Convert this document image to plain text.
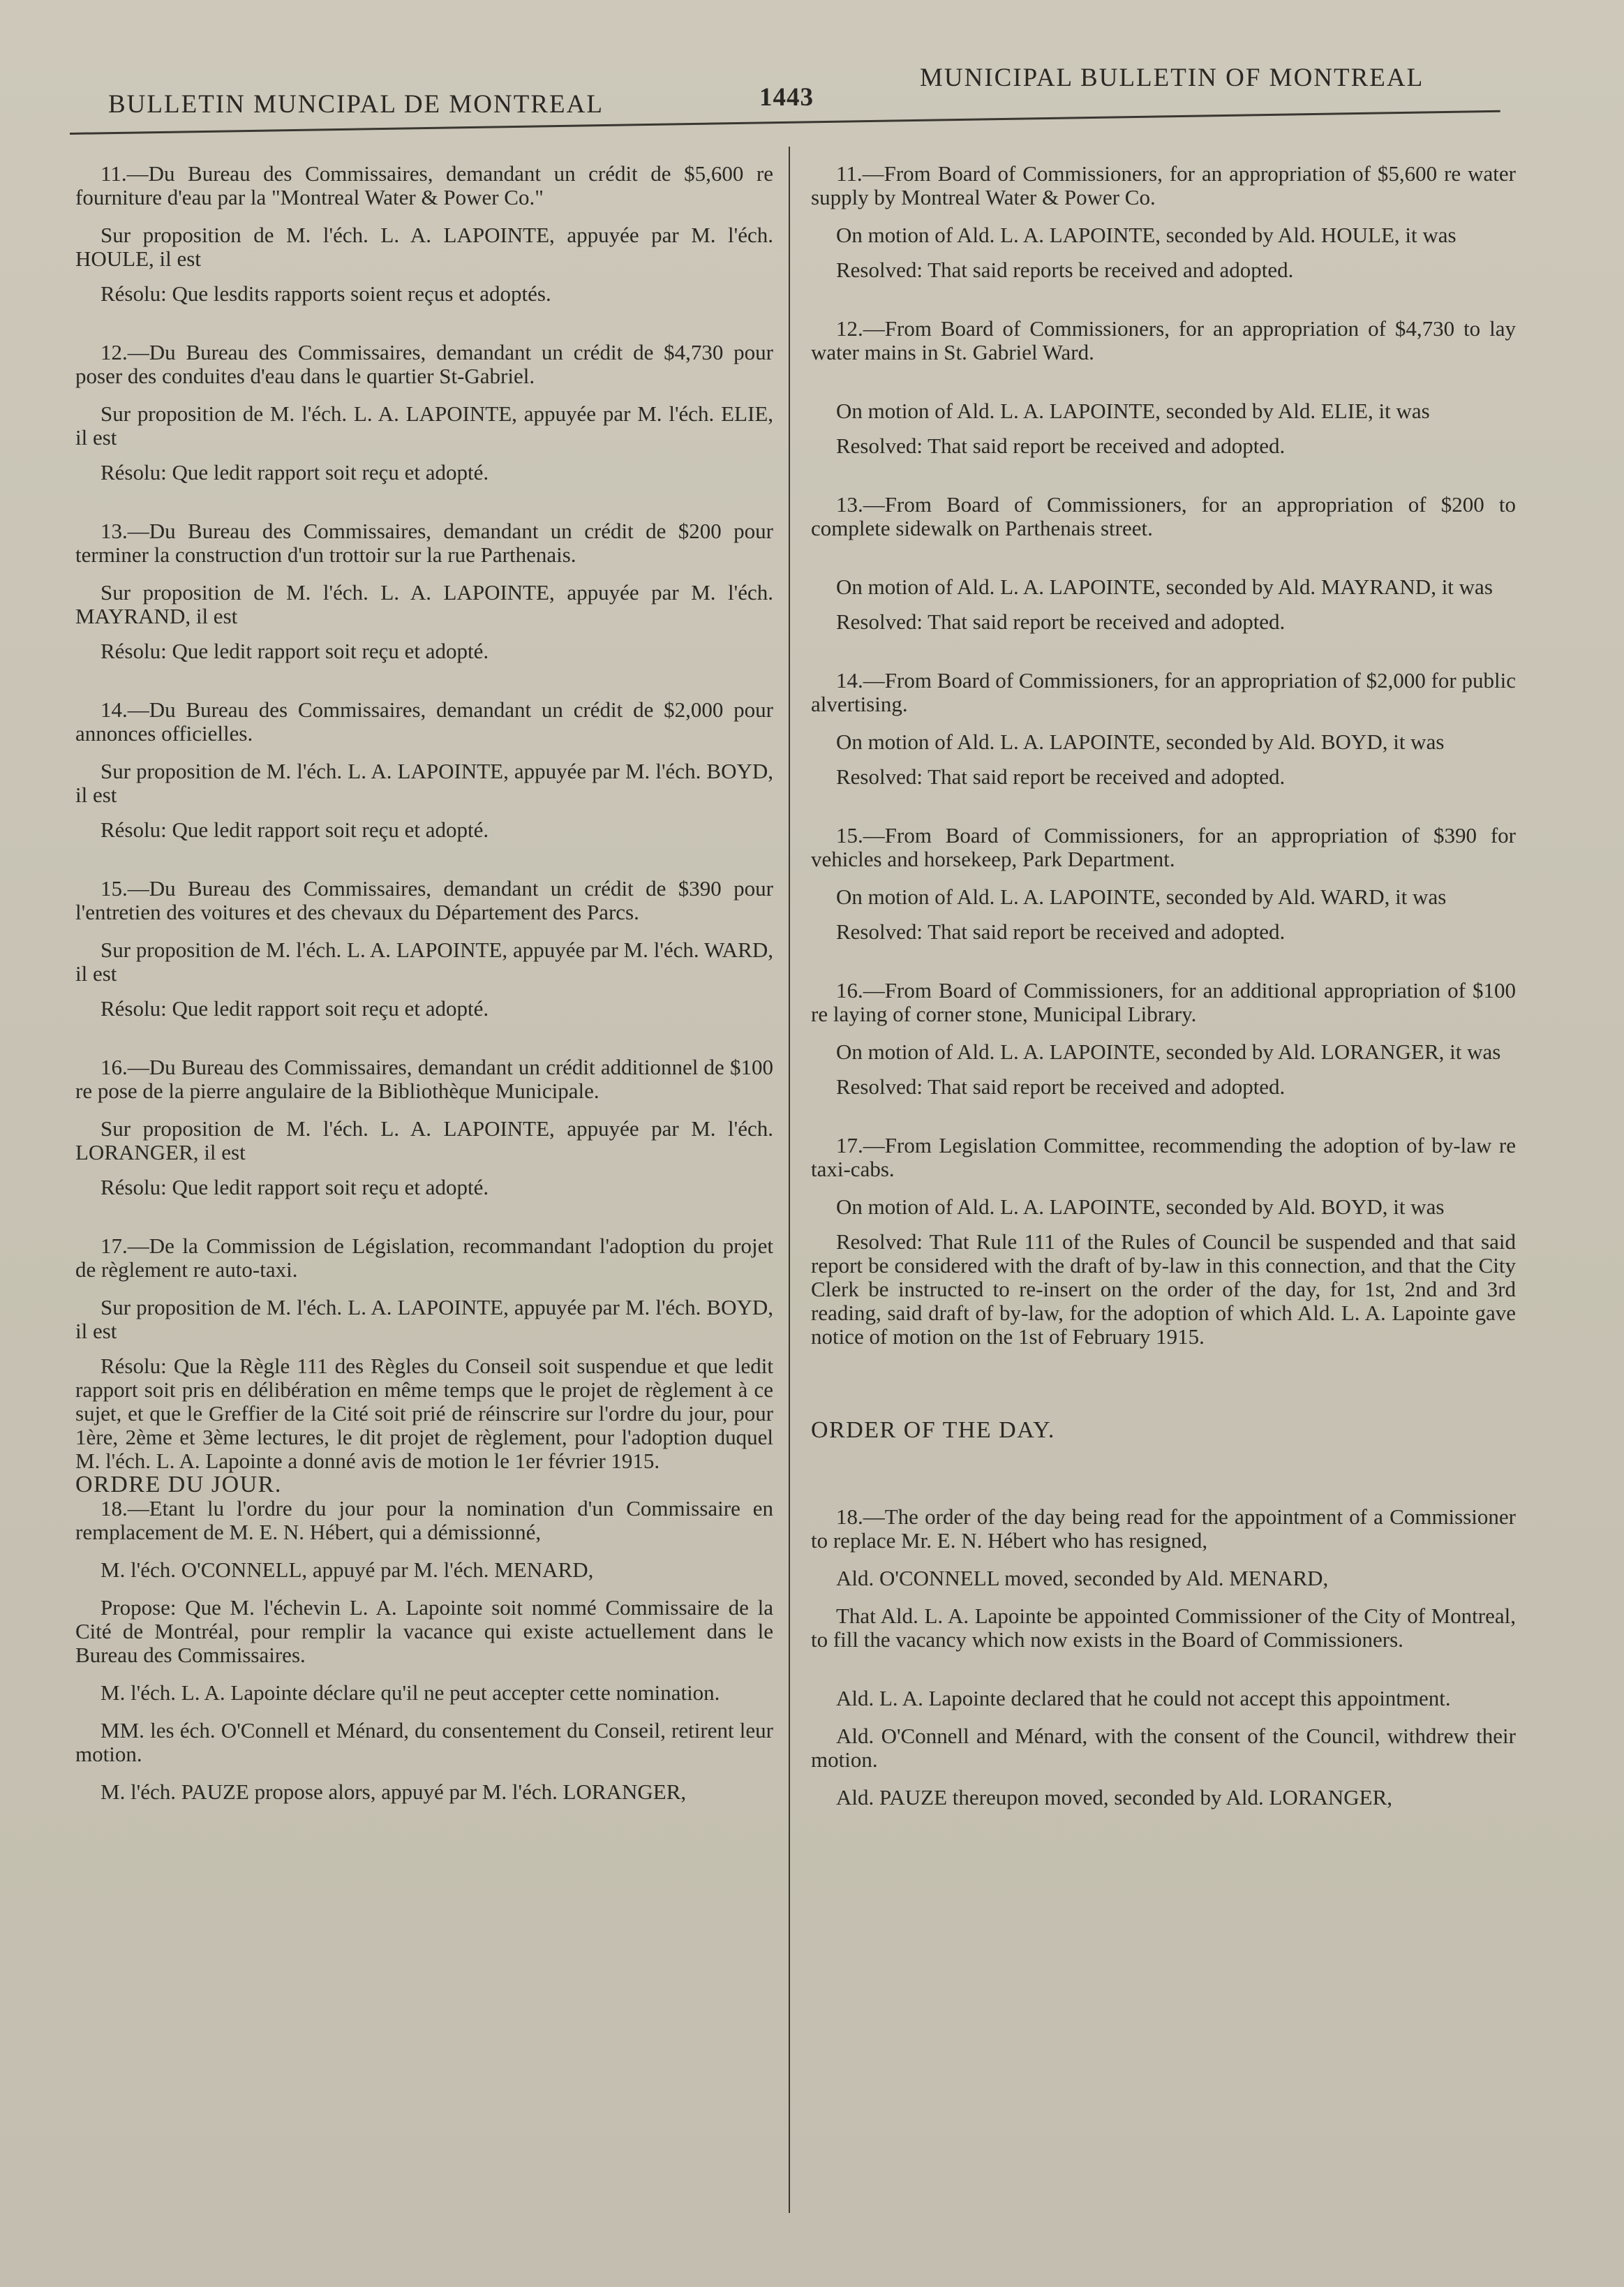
BULLETIN MUNCIPAL DE MONTREAL	1443
MUNICIPAL BULLETIN OF MONTREAL

11.—Du Bureau des Commissaires, demandant un crédit de $5,600 re fourniture d'eau par la "Montreal Water & Power Co."

Sur proposition de M. l'éch. L. A. LAPOINTE, appuyée par M. l'éch. HOULE, il est

Résolu: Que lesdits rapports soient reçus et adoptés.

12.—Du Bureau des Commissaires, demandant un crédit de $4,730 pour poser des conduites d'eau dans le quartier St-Gabriel.

Sur proposition de M. l'éch. L. A. LAPOINTE, appuyée par M. l'éch. ELIE, il est

Résolu: Que ledit rapport soit reçu et adopté.

13.—Du Bureau des Commissaires, demandant un crédit de $200 pour terminer la construction d'un trottoir sur la rue Parthenais.

Sur proposition de M. l'éch. L. A. LAPOINTE, appuyée par M. l'éch. MAYRAND, il est

Résolu: Que ledit rapport soit reçu et adopté.

14.—Du Bureau des Commissaires, demandant un crédit de $2,000 pour annonces officielles.

Sur proposition de M. l'éch. L. A. LAPOINTE, appuyée par M. l'éch. BOYD, il est

Résolu: Que ledit rapport soit reçu et adopté.

15.—Du Bureau des Commissaires, demandant un crédit de $390 pour l'entretien des voitures et des chevaux du Département des Parcs.

Sur proposition de M. l'éch. L. A. LAPOINTE, appuyée par M. l'éch. WARD, il est

Résolu: Que ledit rapport soit reçu et adopté.

16.—Du Bureau des Commissaires, demandant un crédit additionnel de $100 re pose de la pierre angulaire de la Bibliothèque Municipale.

Sur proposition de M. l'éch. L. A. LAPOINTE, appuyée par M. l'éch. LORANGER, il est

Résolu: Que ledit rapport soit reçu et adopté.

17.—De la Commission de Législation, recommandant l'adoption du projet de règlement re auto-taxi.

Sur proposition de M. l'éch. L. A. LAPOINTE, appuyée par M. l'éch. BOYD, il est

Résolu: Que la Règle 111 des Règles du Conseil soit suspendue et que ledit rapport soit pris en délibération en même temps que le projet de règlement à ce sujet, et que le Greffier de la Cité soit prié de réinscrire sur l'ordre du jour, pour 1ère, 2ème et 3ème lectures, le dit projet de règlement, pour l'adoption duquel M. l'éch. L. A. Lapointe a donné avis de motion le 1er février 1915.

ORDRE DU JOUR.

18.—Etant lu l'ordre du jour pour la nomination d'un Commissaire en remplacement de M. E. N. Hébert, qui a démissionné,

M. l'éch. O'CONNELL, appuyé par M. l'éch. MENARD,

Propose: Que M. l'échevin L. A. Lapointe soit nommé Commissaire de la Cité de Montréal, pour remplir la vacance qui existe actuellement dans le Bureau des Commissaires.

M. l'éch. L. A. Lapointe déclare qu'il ne peut accepter cette nomination.

MM. les éch. O'Connell et Ménard, du consentement du Conseil, retirent leur motion.

M. l'éch. PAUZE propose alors, appuyé par M. l'éch. LORANGER,

11.—From Board of Commissioners, for an appropriation of $5,600 re water supply by Montreal Water & Power Co.

On motion of Ald. L. A. LAPOINTE, seconded by Ald. HOULE, it was

Resolved: That said reports be received and adopted.

12.—From Board of Commissioners, for an appropriation of $4,730 to lay water mains in St. Gabriel Ward.

On motion of Ald. L. A. LAPOINTE, seconded by Ald. ELIE, it was

Resolved: That said report be received and adopted.

13.—From Board of Commissioners, for an appropriation of $200 to complete sidewalk on Parthenais street.

On motion of Ald. L. A. LAPOINTE, seconded by Ald. MAYRAND, it was

Resolved: That said report be received and adopted.

14.—From Board of Commissioners, for an appropriation of $2,000 for public alvertising.

On motion of Ald. L. A. LAPOINTE, seconded by Ald. BOYD, it was

Resolved: That said report be received and adopted.

15.—From Board of Commissioners, for an appropriation of $390 for vehicles and horsekeep, Park Department.

On motion of Ald. L. A. LAPOINTE, seconded by Ald. WARD, it was

Resolved: That said report be received and adopted.

16.—From Board of Commissioners, for an additional appropriation of $100 re laying of corner stone, Municipal Library.

On motion of Ald. L. A. LAPOINTE, seconded by Ald. LORANGER, it was

Resolved: That said report be received and adopted.

17.—From Legislation Committee, recommending the adoption of by-law re taxi-cabs.

On motion of Ald. L. A. LAPOINTE, seconded by Ald. BOYD, it was

Resolved: That Rule 111 of the Rules of Council be suspended and that said report be considered with the draft of by-law in this connection, and that the City Clerk be instructed to re-insert on the order of the day, for 1st, 2nd and 3rd reading, said draft of by-law, for the adoption of which Ald. L. A. Lapointe gave notice of motion on the 1st of February 1915.

ORDER OF THE DAY.

18.—The order of the day being read for the appointment of a Commissioner to replace Mr. E. N. Hébert who has resigned,

Ald. O'CONNELL moved, seconded by Ald. MENARD,

That Ald. L. A. Lapointe be appointed Commissioner of the City of Montreal, to fill the vacancy which now exists in the Board of Commissioners.

Ald. L. A. Lapointe declared that he could not accept this appointment.

Ald. O'Connell and Ménard, with the consent of the Council, withdrew their motion.

Ald. PAUZE thereupon moved, seconded by Ald. LORANGER,
